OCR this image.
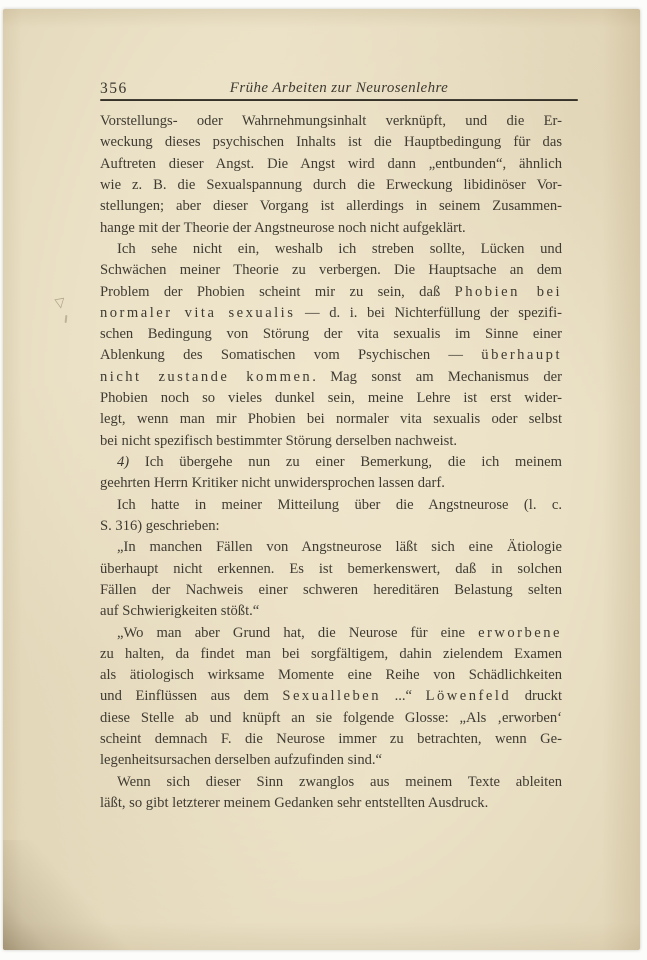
356	Frühe Arbeiten zur Neurosenlehre
Vorstellungs- oder Wahrnehmungsinhalt verknüpft, und die Er-
weckung dieses psychischen Inhalts ist die Hauptbedingung für das
Auftreten dieser Angst. Die Angst wird dann „entbunden“, ähnlich
wie z. B. die Sexualspannung durch die Erweckung libidinöser Vor-
stellungen; aber dieser Vorgang ist allerdings in seinem Zusammen-
hange mit der Theorie der Angstneurose noch nicht aufgeklärt.
Ich sehe nicht ein, weshalb ich streben sollte, Lücken und
Schwächen meiner Theorie zu verbergen. Die Hauptsache an dem
Problem der Phobien scheint mir zu sein, daß Phobien bei
normaler vita sexualis — d. i. bei Nichterfüllung der spezifi-
schen Bedingung von Störung der vita sexualis im Sinne einer
Ablenkung des Somatischen vom Psychischen — überhaupt
nicht zustande kommen. Mag sonst am Mechanismus der
Phobien noch so vieles dunkel sein, meine Lehre ist erst wider-
legt, wenn man mir Phobien bei normaler vita sexualis oder selbst
bei nicht spezifisch bestimmter Störung derselben nachweist.
4) Ich übergehe nun zu einer Bemerkung, die ich meinem
geehrten Herrn Kritiker nicht unwidersprochen lassen darf.
Ich hatte in meiner Mitteilung über die Angstneurose (l. c.
S. 316) geschrieben:
„In manchen Fällen von Angstneurose läßt sich eine Ätiologie
überhaupt nicht erkennen. Es ist bemerkenswert, daß in solchen
Fällen der Nachweis einer schweren hereditären Belastung selten
auf Schwierigkeiten stößt.“
„Wo man aber Grund hat, die Neurose für eine erworbene
zu halten, da findet man bei sorgfältigem, dahin zielendem Examen
als ätiologisch wirksame Momente eine Reihe von Schädlichkeiten
und Einflüssen aus dem Sexualleben ...“ Löwenfeld druckt
diese Stelle ab und knüpft an sie folgende Glosse: „Als ‚erworben‘
scheint demnach F. die Neurose immer zu betrachten, wenn Ge-
legenheitsursachen derselben aufzufinden sind.“
Wenn sich dieser Sinn zwanglos aus meinem Texte ableiten
läßt, so gibt letzterer meinem Gedanken sehr entstellten Ausdruck.
▽
